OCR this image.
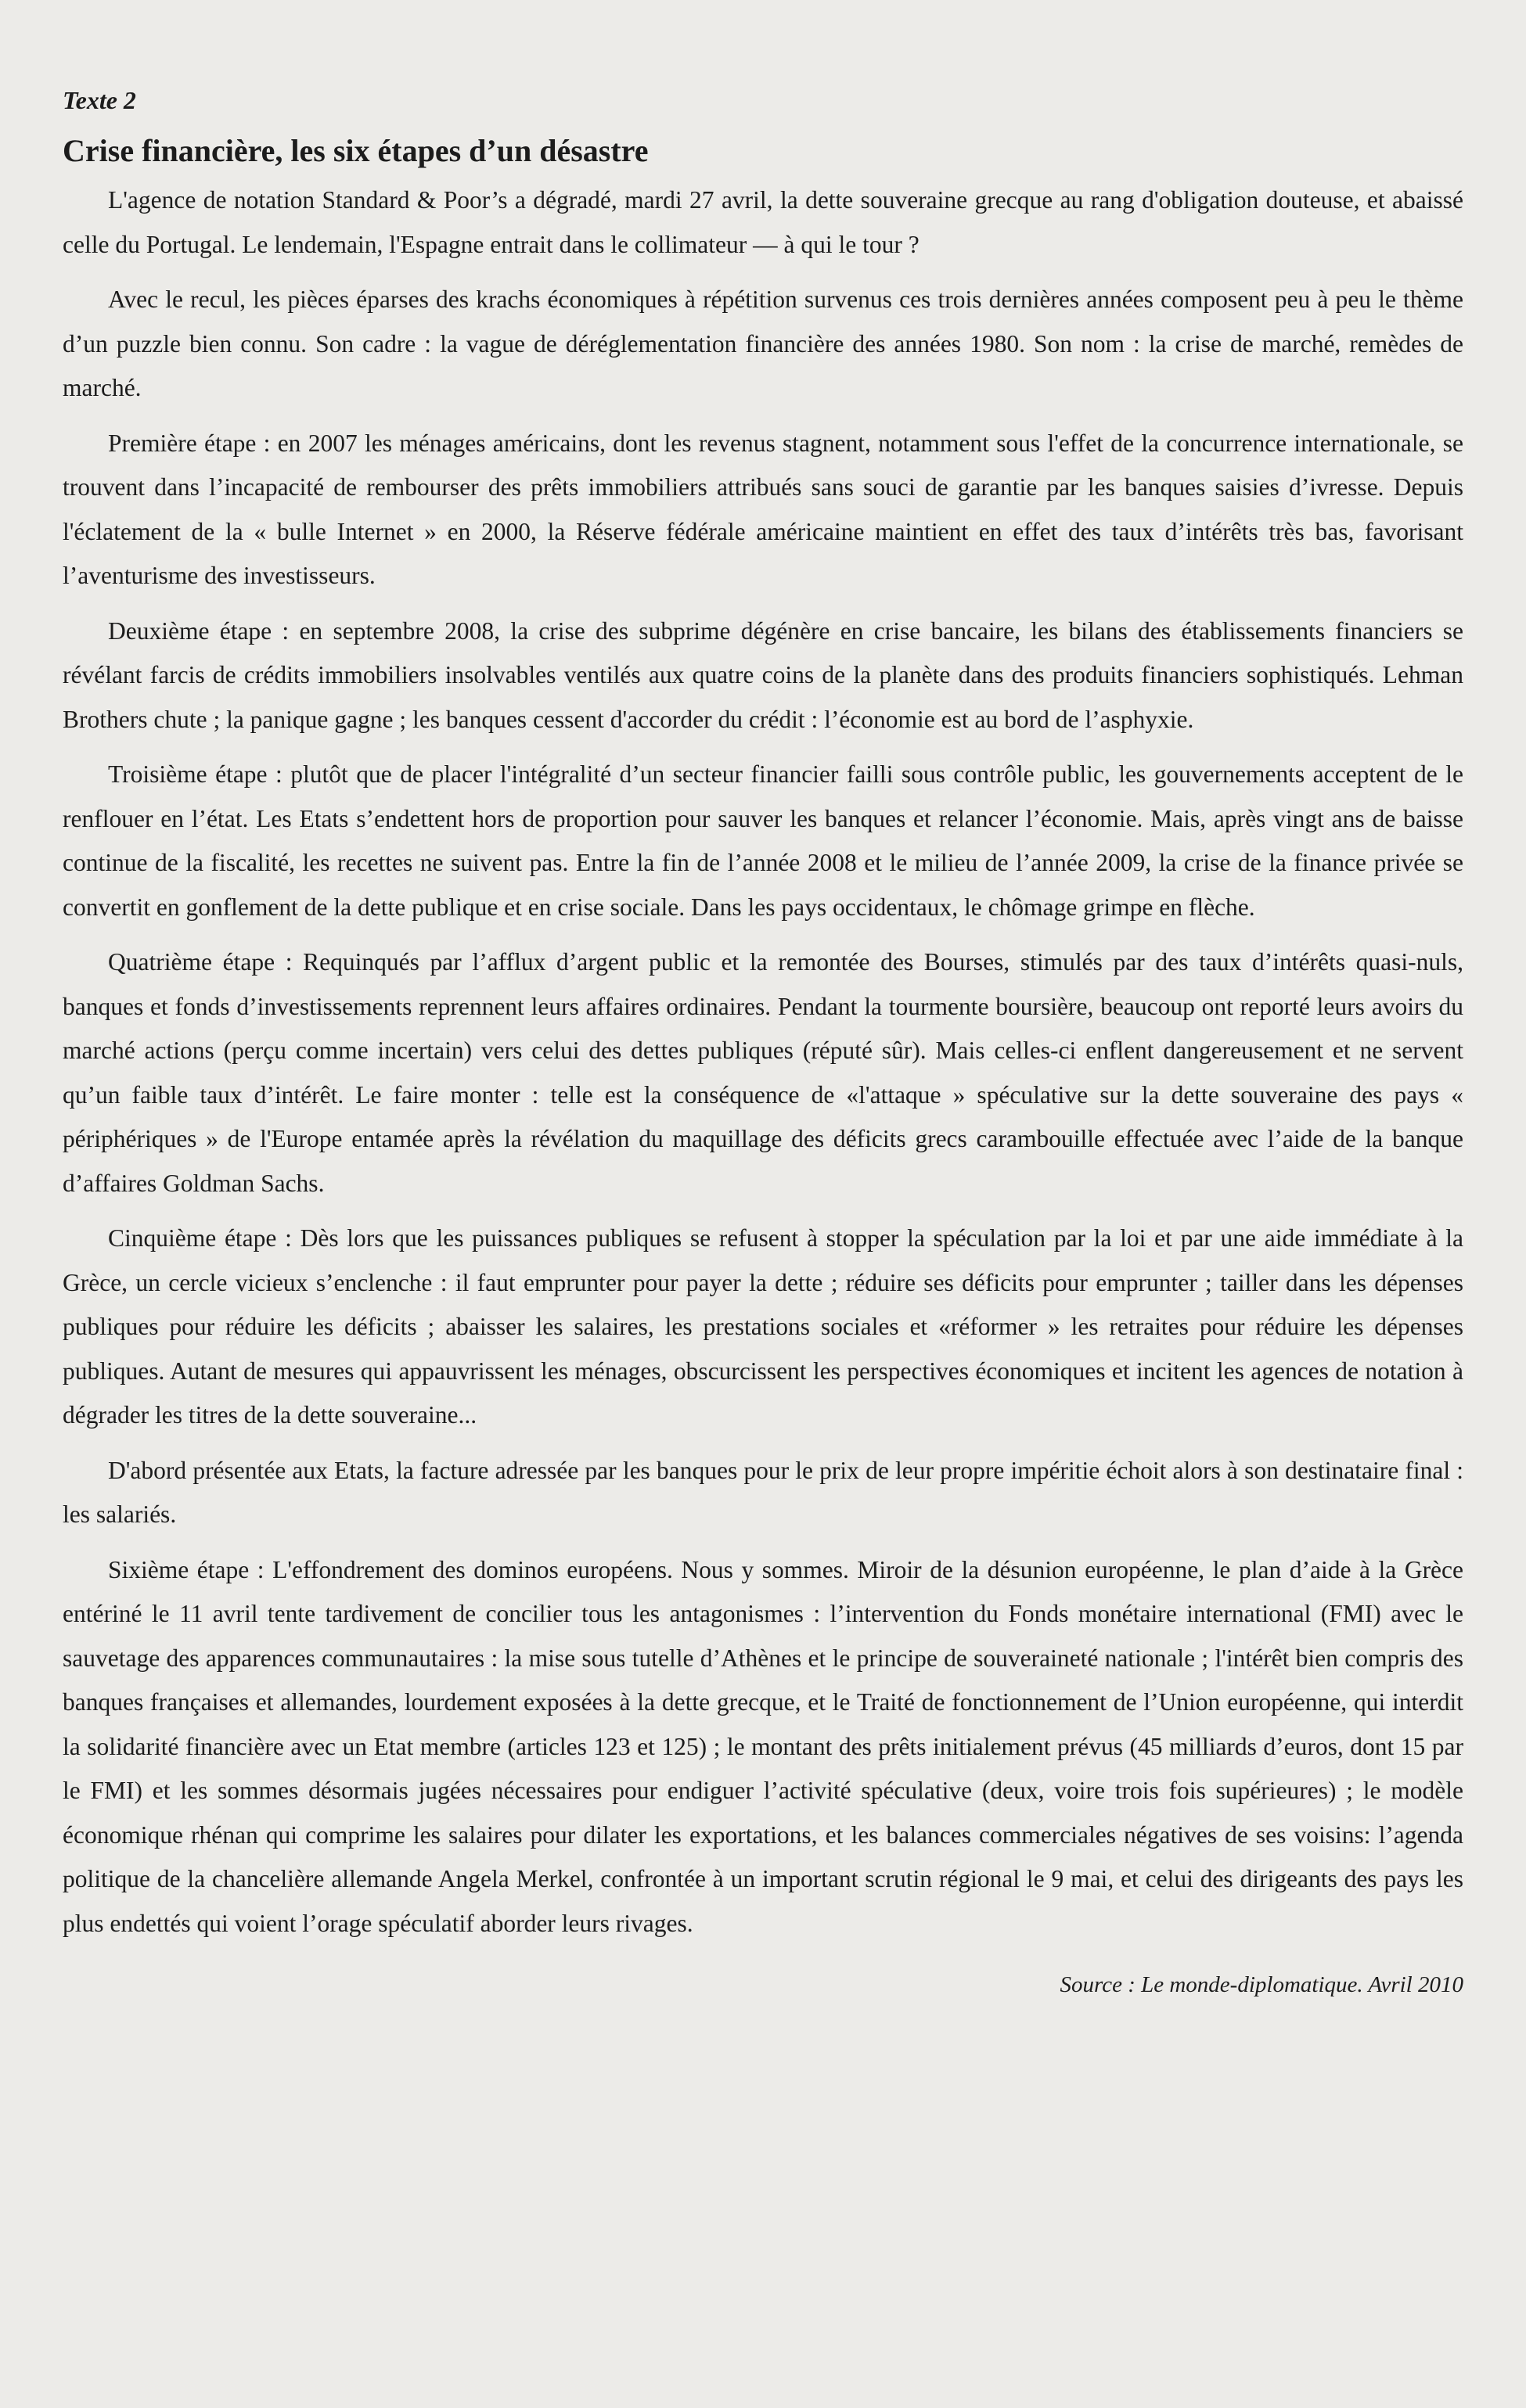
Texte 2
Crise financière, les six étapes d’un désastre

L'agence de notation Standard & Poor’s a dégradé, mardi 27 avril, la dette souveraine grecque au rang d'obligation douteuse, et abaissé celle du Portugal. Le lendemain, l'Espagne entrait dans le collimateur — à qui le tour ?

Avec le recul, les pièces éparses des krachs économiques à répétition survenus ces trois dernières années composent peu à peu le thème d’un puzzle bien connu. Son cadre : la vague de déréglementation financière des années 1980. Son nom : la crise de marché, remèdes de marché.

Première étape : en 2007 les ménages américains, dont les revenus stagnent, notamment sous l'effet de la concurrence internationale, se trouvent dans l’incapacité de rembourser des prêts immobiliers attribués sans souci de garantie par les banques saisies d’ivresse. Depuis l'éclatement de la « bulle Internet » en 2000, la Réserve fédérale américaine maintient en effet des taux d’intérêts très bas, favorisant l’aventurisme des investisseurs.

Deuxième étape : en septembre 2008, la crise des subprime dégénère en crise bancaire, les bilans des établissements financiers se révélant farcis de crédits immobiliers insolvables ventilés aux quatre coins de la planète dans des produits financiers sophistiqués. Lehman Brothers chute ; la panique gagne ; les banques cessent d'accorder du crédit : l’économie est au bord de l’asphyxie.

Troisième étape : plutôt que de placer l'intégralité d’un secteur financier failli sous contrôle public, les gouvernements acceptent de le renflouer en l’état. Les Etats s’endettent hors de proportion pour sauver les banques et relancer l’économie. Mais, après vingt ans de baisse continue de la fiscalité, les recettes ne suivent pas. Entre la fin de l’année 2008 et le milieu de l’année 2009, la crise de la finance privée se convertit en gonflement de la dette publique et en crise sociale. Dans les pays occidentaux, le chômage grimpe en flèche.

Quatrième étape : Requinqués par l’afflux d’argent public et la remontée des Bourses, stimulés par des taux d’intérêts quasi-nuls, banques et fonds d’investissements reprennent leurs affaires ordinaires. Pendant la tourmente boursière, beaucoup ont reporté leurs avoirs du marché actions (perçu comme incertain) vers celui des dettes publiques (réputé sûr). Mais celles-ci enflent dangereusement et ne servent qu’un faible taux d’intérêt. Le faire monter : telle est la conséquence de «l'attaque » spéculative sur la dette souveraine des pays « périphériques » de l'Europe entamée après la révélation du maquillage des déficits grecs carambouille effectuée avec l’aide de la banque d’affaires Goldman Sachs.

Cinquième étape : Dès lors que les puissances publiques se refusent à stopper la spéculation par la loi et par une aide immédiate à la Grèce, un cercle vicieux s’enclenche : il faut emprunter pour payer la dette ; réduire ses déficits pour emprunter ; tailler dans les dépenses publiques pour réduire les déficits ; abaisser les salaires, les prestations sociales et «réformer » les retraites pour réduire les dépenses publiques. Autant de mesures qui appauvrissent les ménages, obscurcissent les perspectives économiques et incitent les agences de notation à dégrader les titres de la dette souveraine...

D'abord présentée aux Etats, la facture adressée par les banques pour le prix de leur propre impéritie échoit alors à son destinataire final : les salariés.

Sixième étape : L'effondrement des dominos européens. Nous y sommes. Miroir de la désunion européenne, le plan d’aide à la Grèce entériné le 11 avril tente tardivement de concilier tous les antagonismes : l’intervention du Fonds monétaire international (FMI) avec le sauvetage des apparences communautaires : la mise sous tutelle d’Athènes et le principe de souveraineté nationale ; l'intérêt bien compris des banques françaises et allemandes, lourdement exposées à la dette grecque, et le Traité de fonctionnement de l’Union européenne, qui interdit la solidarité financière avec un Etat membre (articles 123 et 125) ; le montant des prêts initialement prévus (45 milliards d’euros, dont 15 par le FMI) et les sommes désormais jugées nécessaires pour endiguer l’activité spéculative (deux, voire trois fois supérieures) ; le modèle économique rhénan qui comprime les salaires pour dilater les exportations, et les balances commerciales négatives de ses voisins: l’agenda politique de la chancelière allemande Angela Merkel, confrontée à un important scrutin régional le 9 mai, et celui des dirigeants des pays les plus endettés qui voient l’orage spéculatif aborder leurs rivages.

Source : Le monde-diplomatique. Avril 2010
